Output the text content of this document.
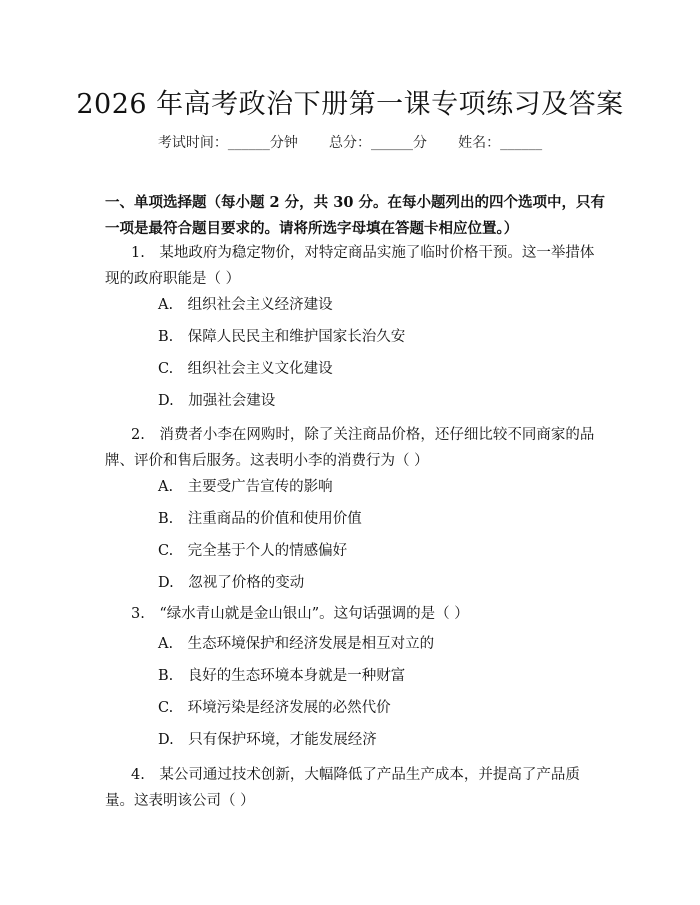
2026 年高考政治下册第一课专项练习及答案
考试时间：______分钟 总分：______分 姓名：______
一、单项选择题（每小题 2 分，共 30 分。在每小题列出的四个选项中，只有一项是最符合题目要求的。请将所选字母填在答题卡相应位置。）
1.　某地政府为稳定物价，对特定商品实施了临时价格干预。这一举措体现的政府职能是（ ）
A.　组织社会主义经济建设
B.　保障人民民主和维护国家长治久安
C.　组织社会主义文化建设
D.　加强社会建设
2.　消费者小李在网购时，除了关注商品价格，还仔细比较不同商家的品牌、评价和售后服务。这表明小李的消费行为（ ）
A.　主要受广告宣传的影响
B.　注重商品的价值和使用价值
C.　完全基于个人的情感偏好
D.　忽视了价格的变动
3.　“绿水青山就是金山银山”。这句话强调的是（ ）
A.　生态环境保护和经济发展是相互对立的
B.　良好的生态环境本身就是一种财富
C.　环境污染是经济发展的必然代价
D.　只有保护环境，才能发展经济
4.　某公司通过技术创新，大幅降低了产品生产成本，并提高了产品质量。这表明该公司（ ）
